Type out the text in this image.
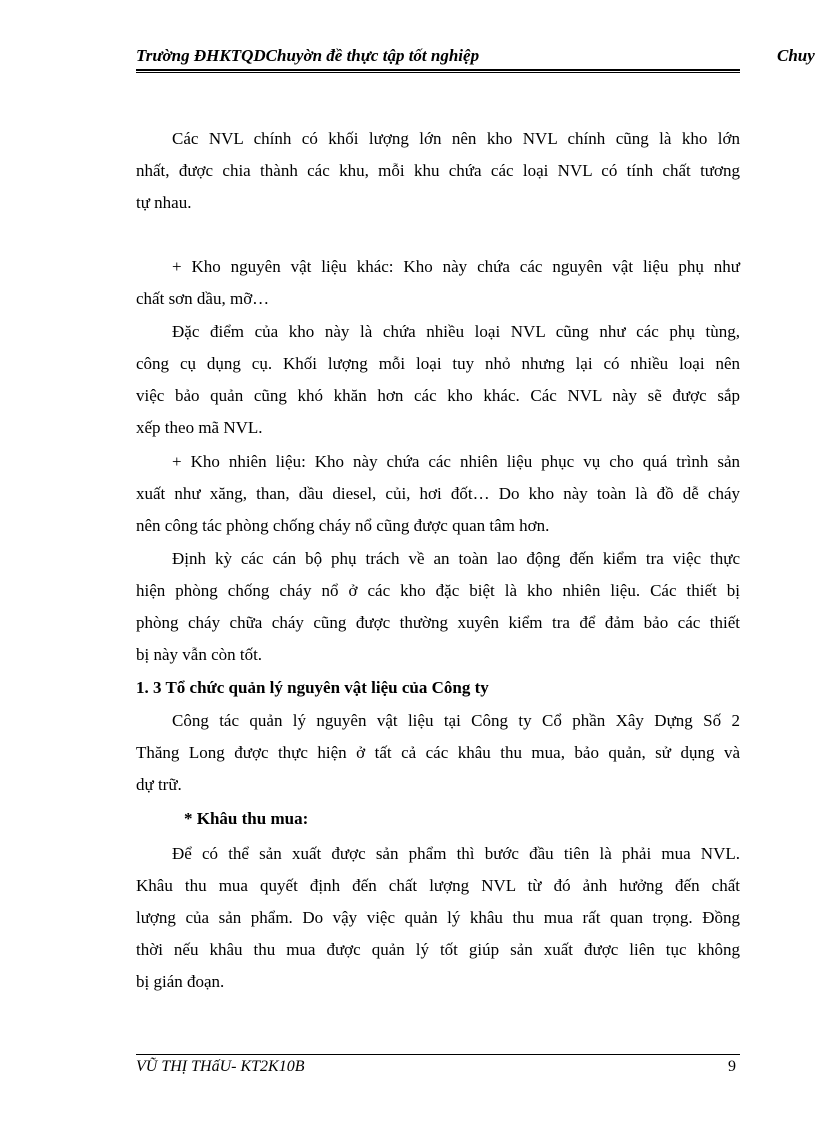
Trường ĐHKTQDChuyờn đề thực tập tốt nghiệp	Chuy
Các NVL chính có khối lượng lớn nên kho NVL chính cũng là kho lớn
nhất, được chia thành các khu, mỗi khu chứa các loại NVL có tính chất tương
tự nhau.
+ Kho nguyên vật liệu khác: Kho này chứa các nguyên vật liệu phụ như
chất sơn dầu, mỡ…
Đặc điểm của kho này là chứa nhiều loại NVL cũng như các phụ tùng,
công cụ dụng cụ. Khối lượng mỗi loại tuy nhỏ nhưng lại có nhiều loại nên
việc bảo quản cũng khó khăn hơn các kho khác. Các NVL này sẽ được sắp
xếp theo mã NVL.
+ Kho nhiên liệu: Kho này chứa các nhiên liệu phục vụ cho quá trình sản
xuất như xăng, than, dầu diesel, củi, hơi đốt… Do kho này toàn là đồ dễ cháy
nên công tác phòng chống cháy nổ cũng được quan tâm hơn.
Định kỳ các cán bộ phụ trách về an toàn lao động đến kiểm tra việc thực
hiện phòng chống cháy nổ ở các kho đặc biệt là kho nhiên liệu. Các thiết bị
phòng cháy chữa cháy cũng được thường xuyên kiểm tra để đảm bảo các thiết
bị này vẫn còn tốt.
1. 3 Tổ chức quản lý nguyên vật liệu của Công ty
Công tác quản lý nguyên vật liệu tại Công ty Cổ phần Xây Dựng Số 2
Thăng Long được thực hiện ở tất cả các khâu thu mua, bảo quản, sử dụng và
dự trữ.
* Khâu thu mua:
Để có thể sản xuất được sản phẩm thì bước đầu tiên là phải mua NVL.
Khâu thu mua quyết định đến chất lượng NVL từ đó ảnh hưởng đến chất
lượng của sản phẩm. Do vậy việc quản lý khâu thu mua rất quan trọng. Đồng
thời nếu khâu thu mua được quản lý tốt giúp sản xuất được liên tục không
bị gián đoạn.
VŨ THỊ THấU- KT2K10B	9
